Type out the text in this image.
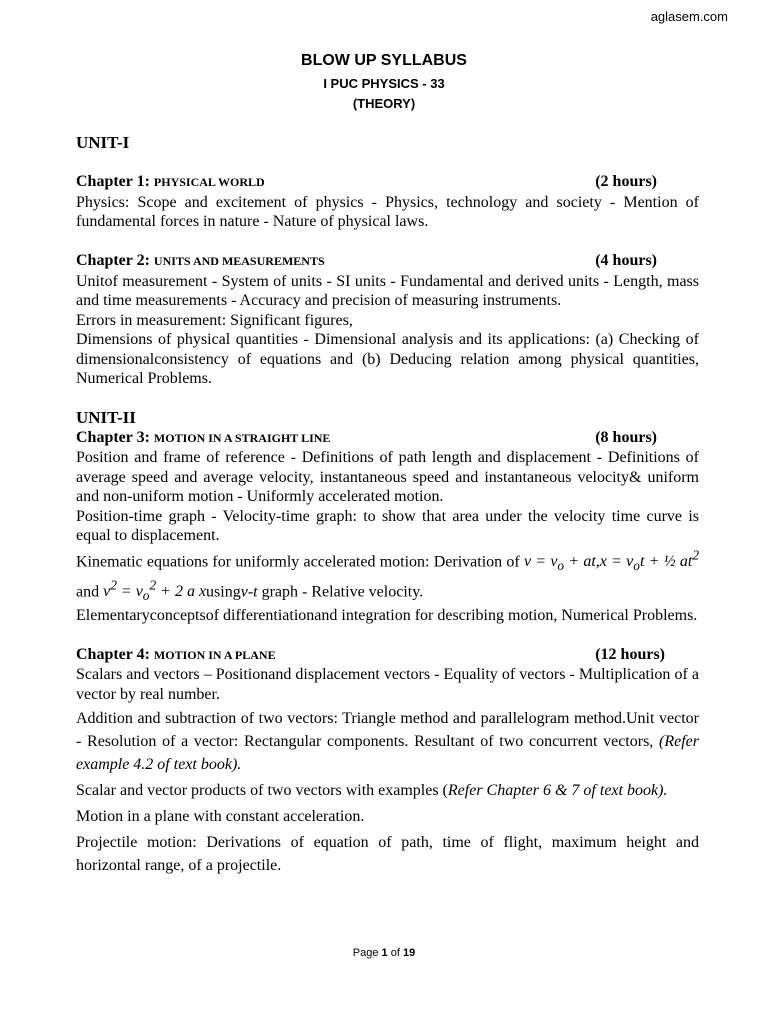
aglasem.com
BLOW UP SYLLABUS
I PUC PHYSICS - 33
(THEORY)
UNIT-I
Chapter 1: PHYSICAL WORLD	(2 hours)

Physics: Scope and excitement of physics - Physics, technology and society - Mention of fundamental forces in nature - Nature of physical laws.

Chapter 2: UNITS AND MEASUREMENTS	(4 hours)

Unitof measurement - System of units - SI units - Fundamental and derived units - Length, mass and time measurements - Accuracy and precision of measuring instruments.

Errors in measurement: Significant figures,

Dimensions of physical quantities - Dimensional analysis and its applications: (a) Checking of dimensionalconsistency of equations and (b) Deducing relation among physical quantities, Numerical Problems.

UNIT-II
Chapter 3: MOTION IN A STRAIGHT LINE	(8 hours)

Position and frame of reference - Definitions of path length and displacement - Definitions of average speed and average velocity, instantaneous speed and instantaneous velocity& uniform and non-uniform motion - Uniformly accelerated motion.

Position-time graph - Velocity-time graph: to show that area under the velocity time curve is equal to displacement.

Kinematic equations for uniformly accelerated motion: Derivation of $v = v_o + at,x = v_ot$ + ½ $at^2$ and $v^2 = v_o^2 + 2$ a xusingv-t graph - Relative velocity.

Elementaryconceptsof differentiationand integration for describing motion, Numerical Problems.

Chapter 4: MOTION IN A PLANE	(12 hours)

Scalars and vectors – Positionand displacement vectors - Equality of vectors - Multiplication of a vector by real number.

Addition and subtraction of two vectors: Triangle method and parallelogram method.Unit vector - Resolution of a vector: Rectangular components. Resultant of two concurrent vectors, (Refer example 4.2 of text book).

Scalar and vector products of two vectors with examples (Refer Chapter 6 & 7 of text book).

Motion in a plane with constant acceleration.

Projectile motion: Derivations of equation of path, time of flight, maximum height and horizontal range, of a projectile.

Page 1 of 19
